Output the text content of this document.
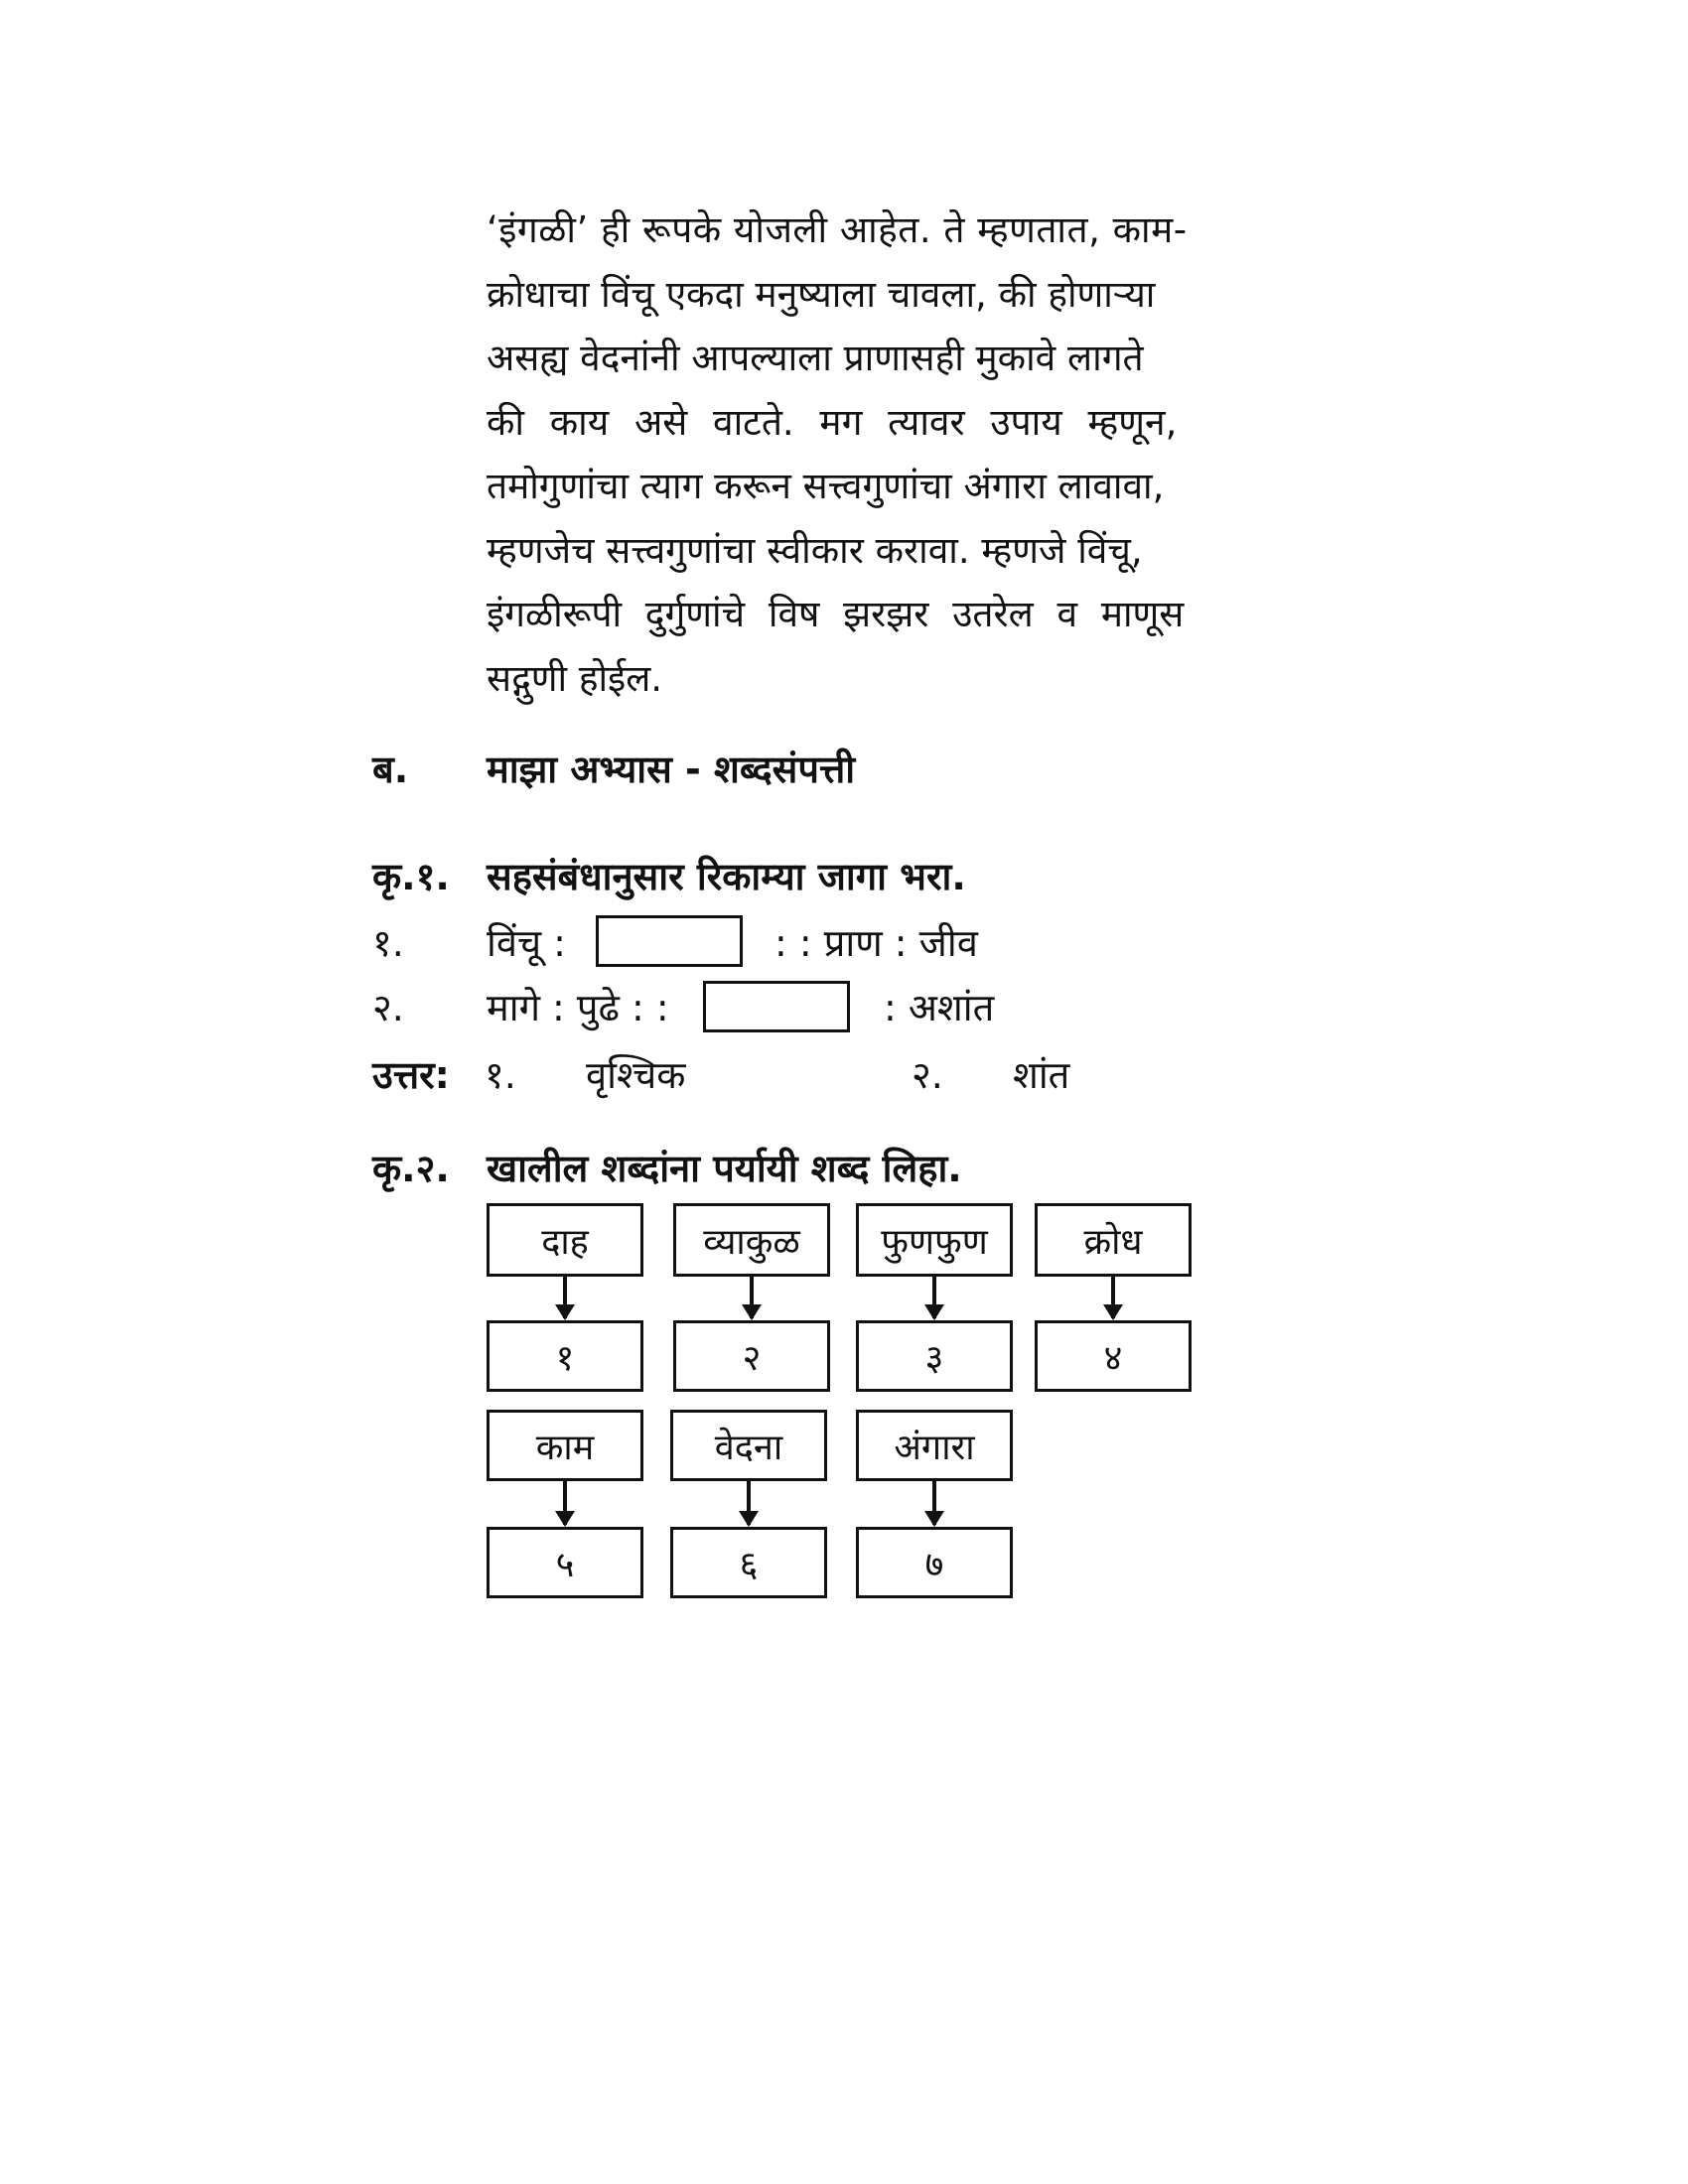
‘इंगळी’ ही रूपके योजली आहेत. ते म्हणतात, काम-
क्रोधाचा विंचू एकदा मनुष्याला चावला, की होणाऱ्या
असह्य वेदनांनी आपल्याला प्राणासही मुकावे लागते
की काय असे वाटते. मग त्यावर उपाय म्हणून,
तमोगुणांचा त्याग करून सत्त्वगुणांचा अंगारा लावावा,
म्हणजेच सत्त्वगुणांचा स्वीकार करावा. म्हणजे विंचू,
इंगळीरूपी दुर्गुणांचे विष झरझर उतरेल व माणूस
सद्गुणी होईल.
ब. माझा अभ्यास - शब्दसंपत्ती
कृ.१. सहसंबंधानुसार रिकाम्या जागा भरा.
१. विंचू :	: : प्राण : जीव
२. मागे : पुढे : :	: अशांत
उत्तर: १. वृश्चिक	२. शांत
कृ.२. खालील शब्दांना पर्यायी शब्द लिहा.
दाह	व्याकुळ	फुणफुण	क्रोध
१	२	३	४
काम	वेदना	अंगारा
५	६	७
